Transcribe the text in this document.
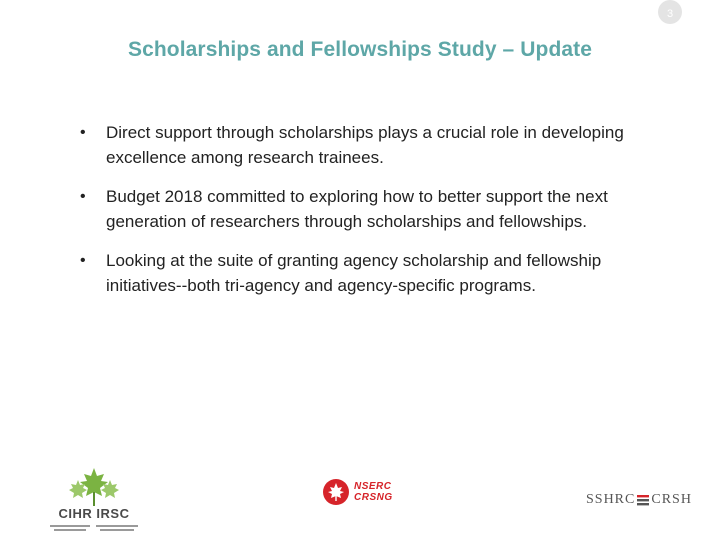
3
Scholarships and Fellowships Study – Update
• Direct support through scholarships plays a crucial role in developing excellence among research trainees.
• Budget 2018 committed to exploring how to better support the next generation of researchers through scholarships and fellowships.
• Looking at the suite of granting agency scholarship and fellowship initiatives--both tri-agency and agency-specific programs.
CIHR IRSC
NSERC
CRSNG	SSHRC CRSH
